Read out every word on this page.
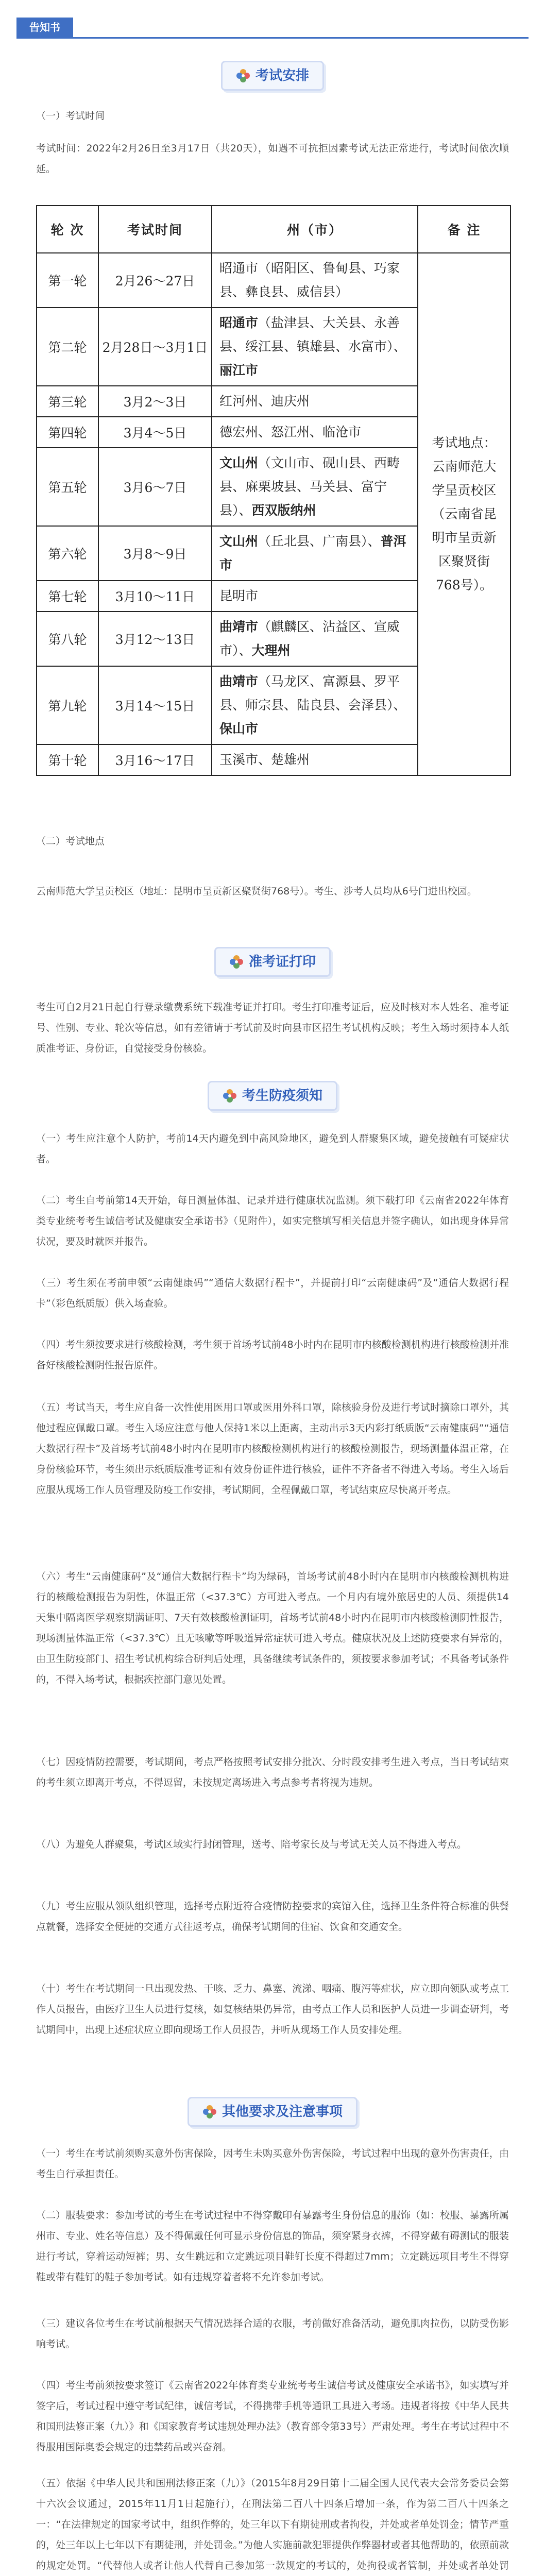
告知书
考试安排
（一）考试时间
考试时间：2022年2月26日至3月17日（共20天），如遇不可抗拒因素考试无法正常进行，考试时间依次顺延。
轮 次	考试时间	州（市）	备 注
第一轮	2月26～27日	昭通市（昭阳区、鲁甸县、巧家县、彝良县、威信县）	考试地点：云南师范大学呈贡校区（云南省昆明市呈贡新区聚贤街768号）。
第二轮	2月28日～3月1日	昭通市（盐津县、大关县、永善县、绥江县、镇雄县、水富市）、丽江市	
第三轮	3月2～3日	红河州、迪庆州	
第四轮	3月4～5日	德宏州、怒江州、临沧市	
第五轮	3月6～7日	文山州（文山市、砚山县、西畴县、麻栗坡县、马关县、富宁县）、西双版纳州	
第六轮	3月8～9日	文山州（丘北县、广南县）、普洱市	
第七轮	3月10～11日	昆明市	
第八轮	3月12～13日	曲靖市（麒麟区、沾益区、宣威市）、大理州	
第九轮	3月14～15日	曲靖市（马龙区、富源县、罗平县、师宗县、陆良县、会泽县）、保山市	
第十轮	3月16～17日	玉溪市、楚雄州	
（二）考试地点
云南师范大学呈贡校区（地址：昆明市呈贡新区聚贤街768号）。考生、涉考人员均从6号门进出校园。
准考证打印
考生可自2月21日起自行登录缴费系统下载准考证并打印。考生打印准考证后，应及时核对本人姓名、准考证号、性别、专业、轮次等信息，如有差错请于考试前及时向县市区招生考试机构反映；考生入场时须持本人纸质准考证、身份证，自觉接受身份核验。
考生防疫须知
（一）考生应注意个人防护，考前14天内避免到中高风险地区，避免到人群聚集区域，避免接触有可疑症状者。
（二）考生自考前第14天开始，每日测量体温、记录并进行健康状况监测。须下载打印《云南省2022年体育类专业统考考生诚信考试及健康安全承诺书》（见附件），如实完整填写相关信息并签字确认，如出现身体异常状况，要及时就医并报告。
（三）考生须在考前申领“云南健康码”“通信大数据行程卡”，并提前打印“云南健康码”及“通信大数据行程卡”（彩色纸质版）供入场查验。
（四）考生须按要求进行核酸检测，考生须于首场考试前48小时内在昆明市内核酸检测机构进行核酸检测并准备好核酸检测阴性报告原件。
（五）考试当天，考生应自备一次性使用医用口罩或医用外科口罩，除核验身份及进行考试时摘除口罩外，其他过程应佩戴口罩。考生入场应注意与他人保持1米以上距离，主动出示3天内彩打纸质版“云南健康码”“通信大数据行程卡”及首场考试前48小时内在昆明市内核酸检测机构进行的核酸检测报告，现场测量体温正常，在身份核验环节，考生须出示纸质版准考证和有效身份证件进行核验，证件不齐备者不得进入考场。考生入场后应服从现场工作人员管理及防疫工作安排，考试期间，全程佩戴口罩，考试结束应尽快离开考点。
（六）考生“云南健康码”及“通信大数据行程卡”均为绿码，首场考试前48小时内在昆明市内核酸检测机构进行的核酸检测报告为阴性，体温正常（<37.3℃）方可进入考点。一个月内有境外旅居史的人员、须提供14天集中隔离医学观察期满证明、7天有效核酸检测证明，首场考试前48小时内在昆明市内核酸检测阴性报告，现场测量体温正常（<37.3℃）且无咳嗽等呼吸道异常症状可进入考点。健康状况及上述防疫要求有异常的，由卫生防疫部门、招生考试机构综合研判后处理，具备继续考试条件的，须按要求参加考试；不具备考试条件的，不得入场考试，根据疾控部门意见处置。
（七）因疫情防控需要，考试期间，考点严格按照考试安排分批次、分时段安排考生进入考点，当日考试结束的考生须立即离开考点，不得逗留，未按规定离场进入考点参考者将视为违规。
（八）为避免人群聚集，考试区域实行封闭管理，送考、陪考家长及与考试无关人员不得进入考点。
（九）考生应服从领队组织管理，选择考点附近符合疫情防控要求的宾馆入住，选择卫生条件符合标准的供餐点就餐，选择安全便捷的交通方式往返考点，确保考试期间的住宿、饮食和交通安全。
（十）考生在考试期间一旦出现发热、干咳、乏力、鼻塞、流涕、咽痛、腹泻等症状，应立即向领队或考点工作人员报告，由医疗卫生人员进行复核，如复核结果仍异常，由考点工作人员和医护人员进一步调查研判，考试期间中，出现上述症状应立即向现场工作人员报告，并听从现场工作人员安排处理。
其他要求及注意事项
（一）考生在考试前须购买意外伤害保险，因考生未购买意外伤害保险，考试过程中出现的意外伤害责任，由考生自行承担责任。
（二）服装要求：参加考试的考生在考试过程中不得穿戴印有暴露考生身份信息的服饰（如：校服、暴露所属州市、专业、姓名等信息）及不得佩戴任何可显示身份信息的饰品，须穿紧身衣裤，不得穿戴有碍测试的服装进行考试，穿着运动短裤；男、女生跳远和立定跳远项目鞋钉长度不得超过7mm；立定跳远项目考生不得穿鞋或带有鞋钉的鞋子参加考试。如有违规穿着者将不允许参加考试。
（三）建议各位考生在考试前根据天气情况选择合适的衣服，考前做好准备活动，避免肌肉拉伤，以防受伤影响考试。
（四）考生考前须按要求签订《云南省2022年体育类专业统考考生诚信考试及健康安全承诺书》，如实填写并签字后，考试过程中遵守考试纪律，诚信考试，不得携带手机等通讯工具进入考场。违规者将按《中华人民共和国刑法修正案（九）》和《国家教育考试违规处理办法》（教育部令第33号）严肃处理。考生在考试过程中不得服用国际奥委会规定的违禁药品或兴奋剂。
（五）依据《中华人民共和国刑法修正案（九）》（2015年8月29日第十二届全国人民代表大会常务委员会第十六次会议通过，2015年11月1日起施行），在刑法第二百八十四条后增加一条，作为第二百八十四条之一：“在法律规定的国家考试中，组织作弊的，处三年以下有期徒刑或者拘役，并处或者单处罚金；情节严重的，处三年以上七年以下有期徒刑，并处罚金。”为他人实施前款犯罪提供作弊器材或者其他帮助的，依照前款的规定处罚。“代替他人或者让他人代替自己参加第一款规定的考试的，处拘役或者管制，并处或者单处罚
